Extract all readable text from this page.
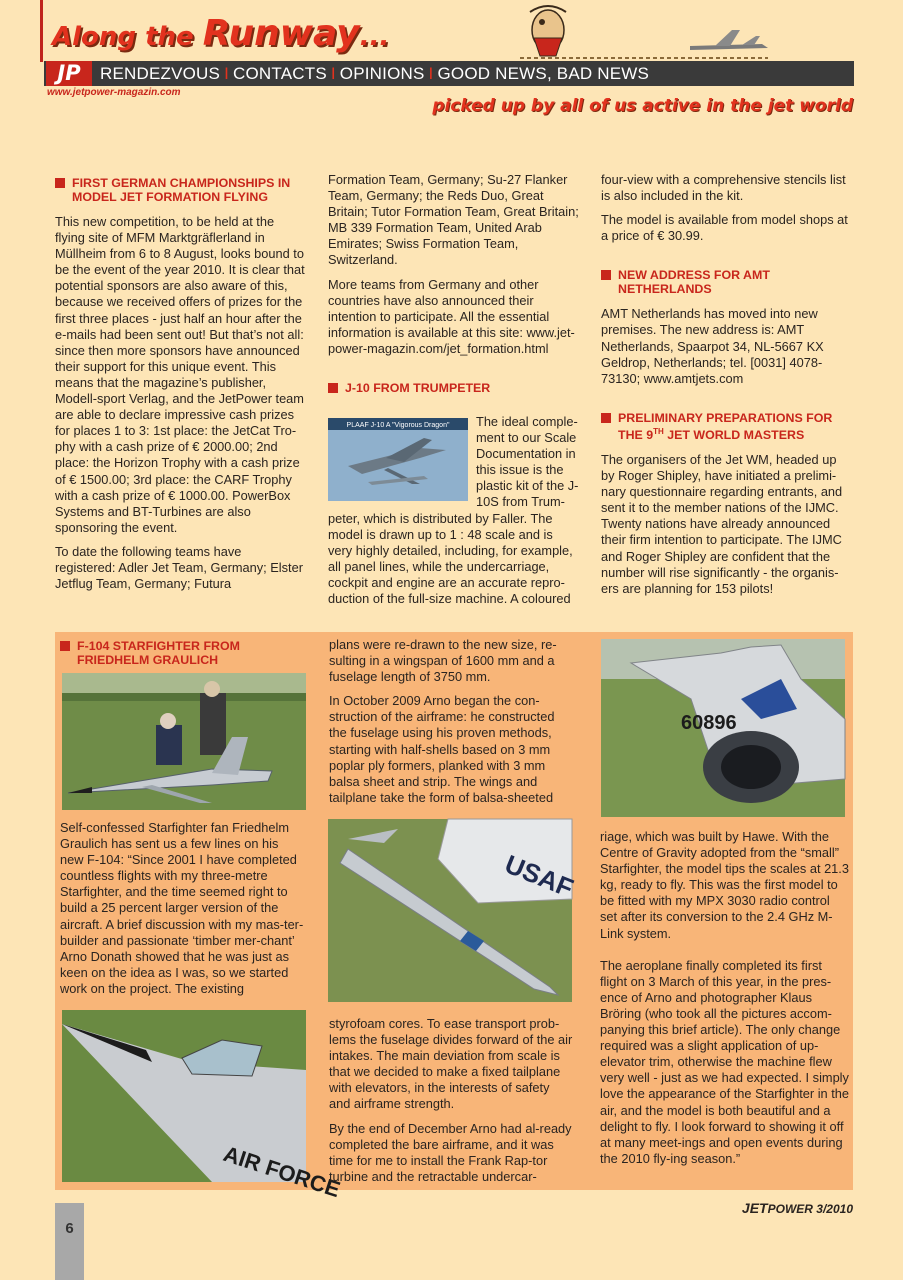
Along the Runway...
JP	RENDEZVOUS I CONTACTS I OPINIONS I GOOD NEWS, BAD NEWS
www.jetpower-magazin.com
picked up by all of us active in the jet world
FIRST GERMAN CHAMPIONSHIPS IN MODEL JET FORMATION FLYING

This new competition, to be held at the flying site of MFM Marktgräflerland in Müllheim from 6 to 8 August, looks bound to be the event of the year 2010. It is clear that potential sponsors are also aware of this, because we received offers of prizes for the first three places - just half an hour after the e-mails had been sent out! But that’s not all: since then more sponsors have announced their support for this unique event. This means that the magazine’s publisher, Modell-sport Verlag, and the JetPower team are able to declare impressive cash prizes for places 1 to 3: 1st place: the JetCat Tro-phy with a cash prize of € 2000.00; 2nd place: the Horizon Trophy with a cash prize of € 1500.00; 3rd place: the CARF Trophy with a cash prize of € 1000.00. PowerBox Systems and BT-Turbines are also sponsoring the event.

To date the following teams have registered: Adler Jet Team, Germany; Elster Jetflug Team, Germany; Futura

Formation Team, Germany; Su-27 Flanker Team, Germany; the Reds Duo, Great Britain; Tutor Formation Team, Great Britain; MB 339 Formation Team, United Arab Emirates; Swiss Formation Team, Switzerland.

More teams from Germany and other countries have also announced their intention to participate. All the essential information is available at this site: www.jet-power-magazin.com/jet_formation.html

J-10 FROM TRUMPETER
PLAAF J-10 A "Vigorous Dragon" The ideal comple-ment to our Scale Documentation in this issue is the plastic kit of the J-10S from Trum-
peter, which is distributed by Faller. The model is drawn up to 1 : 48 scale and is very highly detailed, including, for example, all panel lines, while the undercarriage, cockpit and engine are an accurate repro-duction of the full-size machine. A coloured

four-view with a comprehensive stencils list is also included in the kit.

The model is available from model shops at a price of € 30.99.

NEW ADDRESS FOR AMT NETHERLANDS

AMT Netherlands has moved into new premises. The new address is: AMT Netherlands, Spaarpot 34, NL-5667 KX Geldrop, Netherlands; tel. [0031] 4078-73130; www.amtjets.com

PRELIMINARY PREPARATIONS FOR THE 9TH JET WORLD MASTERS

The organisers of the Jet WM, headed up by Roger Shipley, have initiated a prelimi-nary questionnaire regarding entrants, and sent it to the member nations of the IJMC. Twenty nations have already announced their firm intention to participate. The IJMC and Roger Shipley are confident that the number will rise significantly - the organis-ers are planning for 153 pilots!

F-104 STARFIGHTER FROM FRIEDHELM GRAULICH
Self-confessed Starfighter fan Friedhelm Graulich has sent us a few lines on his new F-104: “Since 2001 I have completed countless flights with my three-metre Starfighter, and the time seemed right to build a 25 percent larger version of the aircraft. A brief discussion with my mas-ter-builder and passionate ‘timber mer-chant’ Arno Donath showed that he was just as keen on the idea as I was, so we started work on the project. The existing
AIR FORCE

plans were re-drawn to the new size, re-sulting in a wingspan of 1600 mm and a fuselage length of 3750 mm.

In October 2009 Arno began the con-struction of the airframe: he constructed the fuselage using his proven methods, starting with half-shells based on 3 mm poplar ply formers, planked with 3 mm balsa sheet and strip. The wings and tailplane take the form of balsa-sheeted

USAF

styrofoam cores. To ease transport prob-lems the fuselage divides forward of the air intakes. The main deviation from scale is that we decided to make a fixed tailplane with elevators, in the interests of safety and airframe strength.

By the end of December Arno had al-ready completed the bare airframe, and it was time for me to install the Frank Rap-tor turbine and the retractable undercar-

60896

riage, which was built by Hawe. With the Centre of Gravity adopted from the “small” Starfighter, the model tips the scales at 21.3 kg, ready to fly. This was the first model to be fitted with my MPX 3030 radio control set after its conversion to the 2.4 GHz M-Link system.

The aeroplane finally completed its first flight on 3 March of this year, in the pres-ence of Arno and photographer Klaus Bröring (who took all the pictures accom-panying this brief article). The only change required was a slight application of up-elevator trim, otherwise the machine flew very well - just as we had expected. I simply love the appearance of the Starfighter in the air, and the model is both beautiful and a delight to fly. I look forward to showing it off at many meet-ings and open events during the 2010 fly-ing season.”

JETPOWER 3/2010
6
